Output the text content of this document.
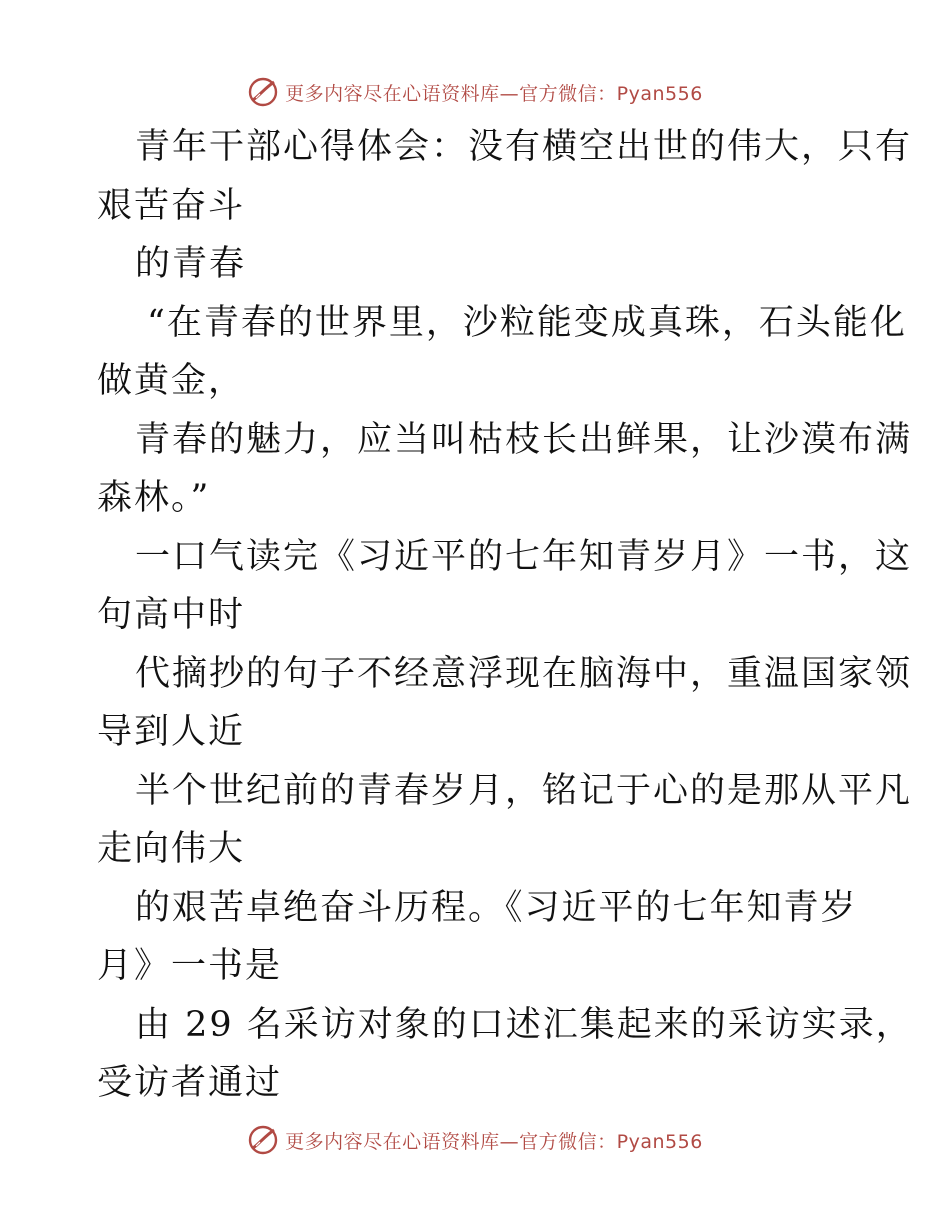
更多内容尽在心语资料库—官方微信：Pyan556
青年干部心得体会：没有横空出世的伟大，只有
艰苦奋斗
的青春
“在青春的世界里，沙粒能变成真珠，石头能化
做黄金，
青春的魅力，应当叫枯枝长出鲜果，让沙漠布满
森林。”
一口气读完《习近平的七年知青岁月》一书，这
句高中时
代摘抄的句子不经意浮现在脑海中，重温国家领
导到人近
半个世纪前的青春岁月，铭记于心的是那从平凡
走向伟大
的艰苦卓绝奋斗历程。《习近平的七年知青岁
月》一书是
由 29 名采访对象的口述汇集起来的采访实录，
受访者通过
更多内容尽在心语资料库—官方微信：Pyan556
